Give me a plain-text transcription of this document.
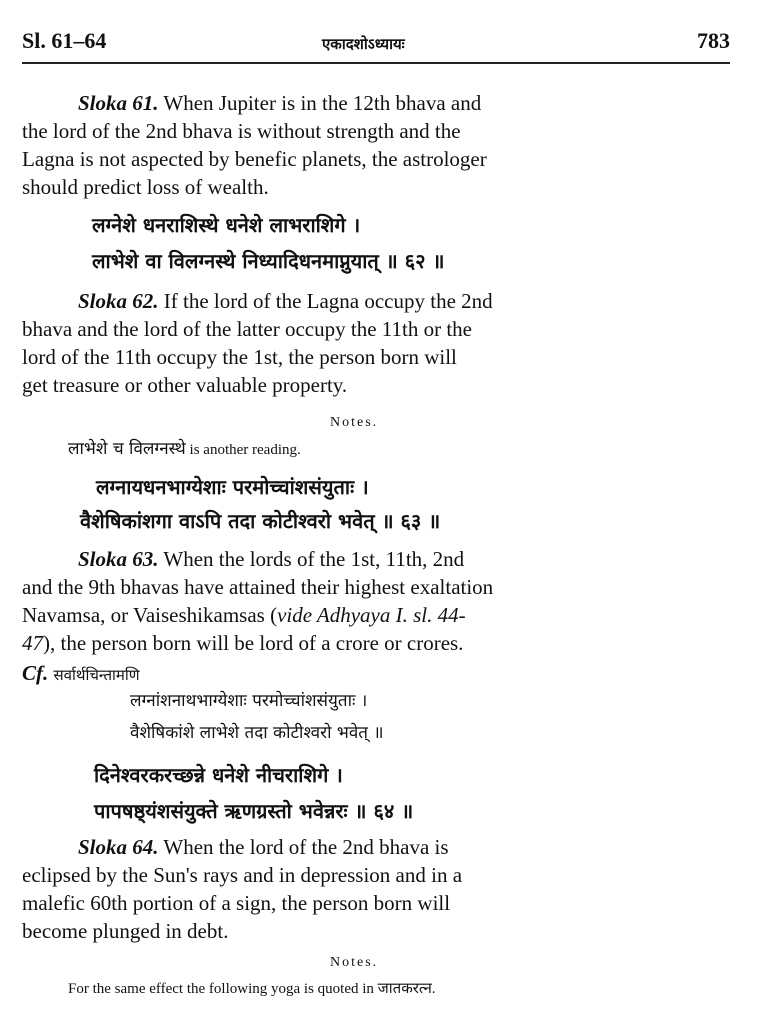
Sl. 61–64	एकादशोऽध्यायः	783
Sloka 61. When Jupiter is in the 12th bhava and
the lord of the 2nd bhava is without strength and the
Lagna is not aspected by benefic planets, the astrologer
should predict loss of wealth.
लग्नेशे धनराशिस्थे धनेशे लाभराशिगे ।
लाभेशे वा विलग्नस्थे निध्यादिधनमाप्नुयात् ॥ ६२ ॥
Sloka 62. If the lord of the Lagna occupy the 2nd
bhava and the lord of the latter occupy the 11th or the
lord of the 11th occupy the 1st, the person born will
get treasure or other valuable property.
Notes.
लाभेशे च विलग्नस्थे is another reading.
लग्नायधनभाग्येशाः परमोच्चांशसंयुताः ।
वैशेषिकांशगा वाऽपि तदा कोटीश्वरो भवेत् ॥ ६३ ॥
Sloka 63. When the lords of the 1st, 11th, 2nd
and the 9th bhavas have attained their highest exaltation
Navamsa, or Vaiseshikamsas (vide Adhyaya I. sl. 44-
47), the person born will be lord of a crore or crores.
Cf. सर्वार्थचिन्तामणि
लग्नांशनाथभाग्येशाः परमोच्चांशसंयुताः ।
वैशेषिकांशे लाभेशे तदा कोटीश्वरो भवेत् ॥
दिनेश्वरकरच्छन्ने धनेशे नीचराशिगे ।
पापषष्ठ्यंशसंयुक्ते ऋणग्रस्तो भवेन्नरः ॥ ६४ ॥
Sloka 64. When the lord of the 2nd bhava is
eclipsed by the Sun's rays and in depression and in a
malefic 60th portion of a sign, the person born will
become plunged in debt.
Notes.
For the same effect the following yoga is quoted in जातकरत्न.
